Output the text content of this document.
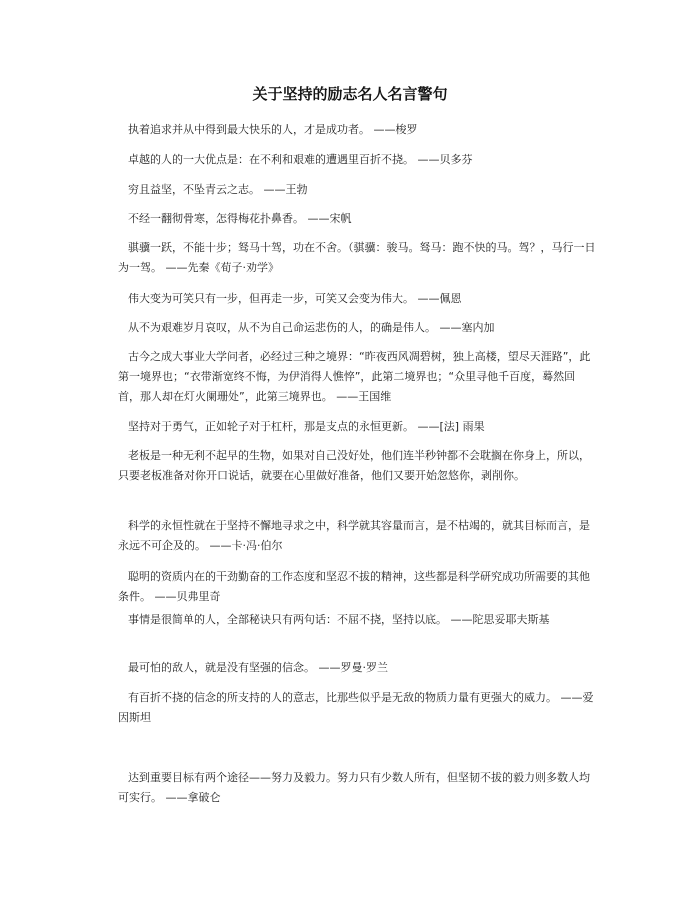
关于坚持的励志名人名言警句
执着追求并从中得到最大快乐的人，才是成功者。 ——梭罗
卓越的人的一大优点是：在不利和艰难的遭遇里百折不挠。 ——贝多芬
穷且益坚，不坠青云之志。 ——王勃
不经一翻彻骨寒，怎得梅花扑鼻香。 ——宋帆
骐骥一跃，不能十步；驽马十驾，功在不舍。（骐骥：骏马。驽马：跑不快的马。驾？，马行一日为一驾。 ——先秦《荀子·劝学》
伟大变为可笑只有一步，但再走一步，可笑又会变为伟大。 ——佩恩
从不为艰难岁月哀叹，从不为自己命运悲伤的人，的确是伟人。 ——塞内加
古今之成大事业大学问者，必经过三种之境界：“昨夜西风凋碧树，独上高楼，望尽天涯路”，此第一境界也；“衣带渐宽终不悔，为伊消得人憔悴”，此第二境界也；“众里寻他千百度，蓦然回首，那人却在灯火阑珊处”，此第三境界也。 ——王国维
坚持对于勇气，正如轮子对于杠杆，那是支点的永恒更新。 ——[法] 雨果
老板是一种无利不起早的生物，如果对自己没好处，他们连半秒钟都不会耽搁在你身上，所以，只要老板准备对你开口说话，就要在心里做好准备，他们又要开始忽悠你，剥削你。
科学的永恒性就在于坚持不懈地寻求之中，科学就其容量而言，是不枯竭的，就其目标而言，是永远不可企及的。 ——卡·冯·伯尔
聪明的资质内在的干劲勤奋的工作态度和坚忍不拔的精神，这些都是科学研究成功所需要的其他条件。 ——贝弗里奇
事情是很简单的人，全部秘诀只有两句话：不屈不挠，坚持以底。 ——陀思妥耶夫斯基
最可怕的敌人，就是没有坚强的信念。 ——罗曼·罗兰
有百折不挠的信念的所支持的人的意志，比那些似乎是无敌的物质力量有更强大的威力。 ——爱因斯坦
达到重要目标有两个途径——努力及毅力。努力只有少数人所有，但坚韧不拔的毅力则多数人均可实行。 ——拿破仑
